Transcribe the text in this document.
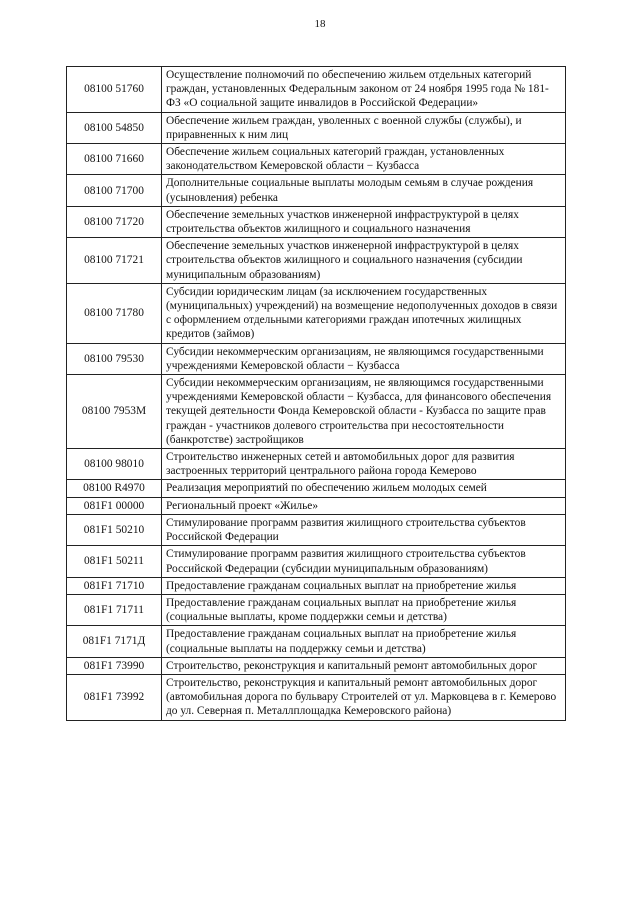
18
08100 51760	Осуществление полномочий по обеспечению жильем отдельных категорий граждан, установленных Федеральным законом от 24 ноября 1995 года № 181-ФЗ «О социальной защите инвалидов в Российской Федерации»
08100 54850	Обеспечение жильем граждан, уволенных с военной службы (службы), и приравненных к ним лиц
08100 71660	Обеспечение жильем социальных категорий граждан, установленных законодательством Кемеровской области − Кузбасса
08100 71700	Дополнительные социальные выплаты молодым семьям в случае рождения (усыновления) ребенка
08100 71720	Обеспечение земельных участков инженерной инфраструктурой в целях строительства объектов жилищного и социального назначения
08100 71721	Обеспечение земельных участков инженерной инфраструктурой в целях строительства объектов жилищного и социального назначения (субсидии муниципальным образованиям)
08100 71780	Субсидии юридическим лицам (за исключением государственных (муниципальных) учреждений) на возмещение недополученных доходов в связи с оформлением отдельными категориями граждан ипотечных жилищных кредитов (займов)
08100 79530	Субсидии некоммерческим организациям, не являющимся государственными учреждениями Кемеровской области − Кузбасса
08100 7953М	Субсидии некоммерческим организациям, не являющимся государственными учреждениями Кемеровской области − Кузбасса, для финансового обеспечения текущей деятельности Фонда Кемеровской области - Кузбасса по защите прав граждан - участников долевого строительства при несостоятельности (банкротстве) застройщиков
08100 98010	Строительство инженерных сетей и автомобильных дорог для развития застроенных территорий центрального района города Кемерово
08100 R4970	Реализация мероприятий по обеспечению жильем молодых семей
081F1 00000	Региональный проект «Жилье»
081F1 50210	Стимулирование программ развития жилищного строительства субъектов Российской Федерации
081F1 50211	Стимулирование программ развития жилищного строительства субъектов Российской Федерации (субсидии муниципальным образованиям)
081F1 71710	Предоставление гражданам социальных выплат на приобретение жилья
081F1 71711	Предоставление гражданам социальных выплат на приобретение жилья (социальные выплаты, кроме поддержки семьи и детства)
081F1 7171Д	Предоставление гражданам социальных выплат на приобретение жилья (социальные выплаты на поддержку семьи и детства)
081F1 73990	Строительство, реконструкция и капитальный ремонт автомобильных дорог
081F1 73992	Строительство, реконструкция и капитальный ремонт автомобильных дорог (автомобильная дорога по бульвару Строителей от ул. Марковцева в г. Кемерово до ул. Северная п. Металлплощадка Кемеровского района)
